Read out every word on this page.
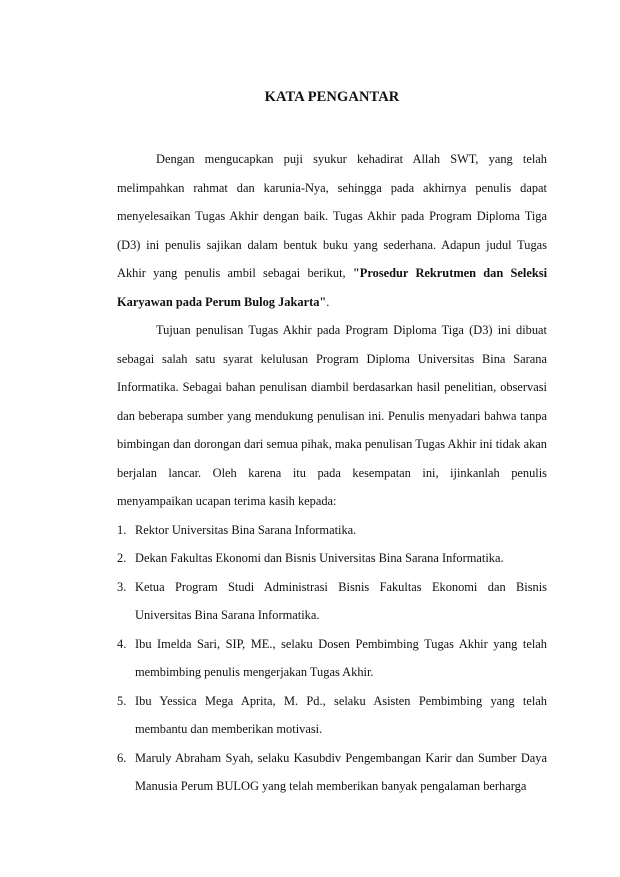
KATA PENGANTAR

Dengan mengucapkan puji syukur kehadirat Allah SWT, yang telah melimpahkan rahmat dan karunia-Nya, sehingga pada akhirnya penulis dapat menyelesaikan Tugas Akhir dengan baik. Tugas Akhir pada Program Diploma Tiga (D3) ini penulis sajikan dalam bentuk buku yang sederhana. Adapun judul Tugas Akhir yang penulis ambil sebagai berikut, "Prosedur Rekrutmen dan Seleksi Karyawan pada Perum Bulog Jakarta".

Tujuan penulisan Tugas Akhir pada Program Diploma Tiga (D3) ini dibuat sebagai salah satu syarat kelulusan Program Diploma Universitas Bina Sarana Informatika. Sebagai bahan penulisan diambil berdasarkan hasil penelitian, observasi dan beberapa sumber yang mendukung penulisan ini. Penulis menyadari bahwa tanpa bimbingan dan dorongan dari semua pihak, maka penulisan Tugas Akhir ini tidak akan berjalan lancar. Oleh karena itu pada kesempatan ini, ijinkanlah penulis menyampaikan ucapan terima kasih kepada:

1. Rektor Universitas Bina Sarana Informatika.
2. Dekan Fakultas Ekonomi dan Bisnis Universitas Bina Sarana Informatika.
3. Ketua Program Studi Administrasi Bisnis Fakultas Ekonomi dan Bisnis Universitas Bina Sarana Informatika.
4. Ibu Imelda Sari, SIP, ME., selaku Dosen Pembimbing Tugas Akhir yang telah membimbing penulis mengerjakan Tugas Akhir.
5. Ibu Yessica Mega Aprita, M. Pd., selaku Asisten Pembimbing yang telah membantu dan memberikan motivasi.
6. Maruly Abraham Syah, selaku Kasubdiv Pengembangan Karir dan Sumber Daya Manusia Perum BULOG yang telah memberikan banyak pengalaman berharga
